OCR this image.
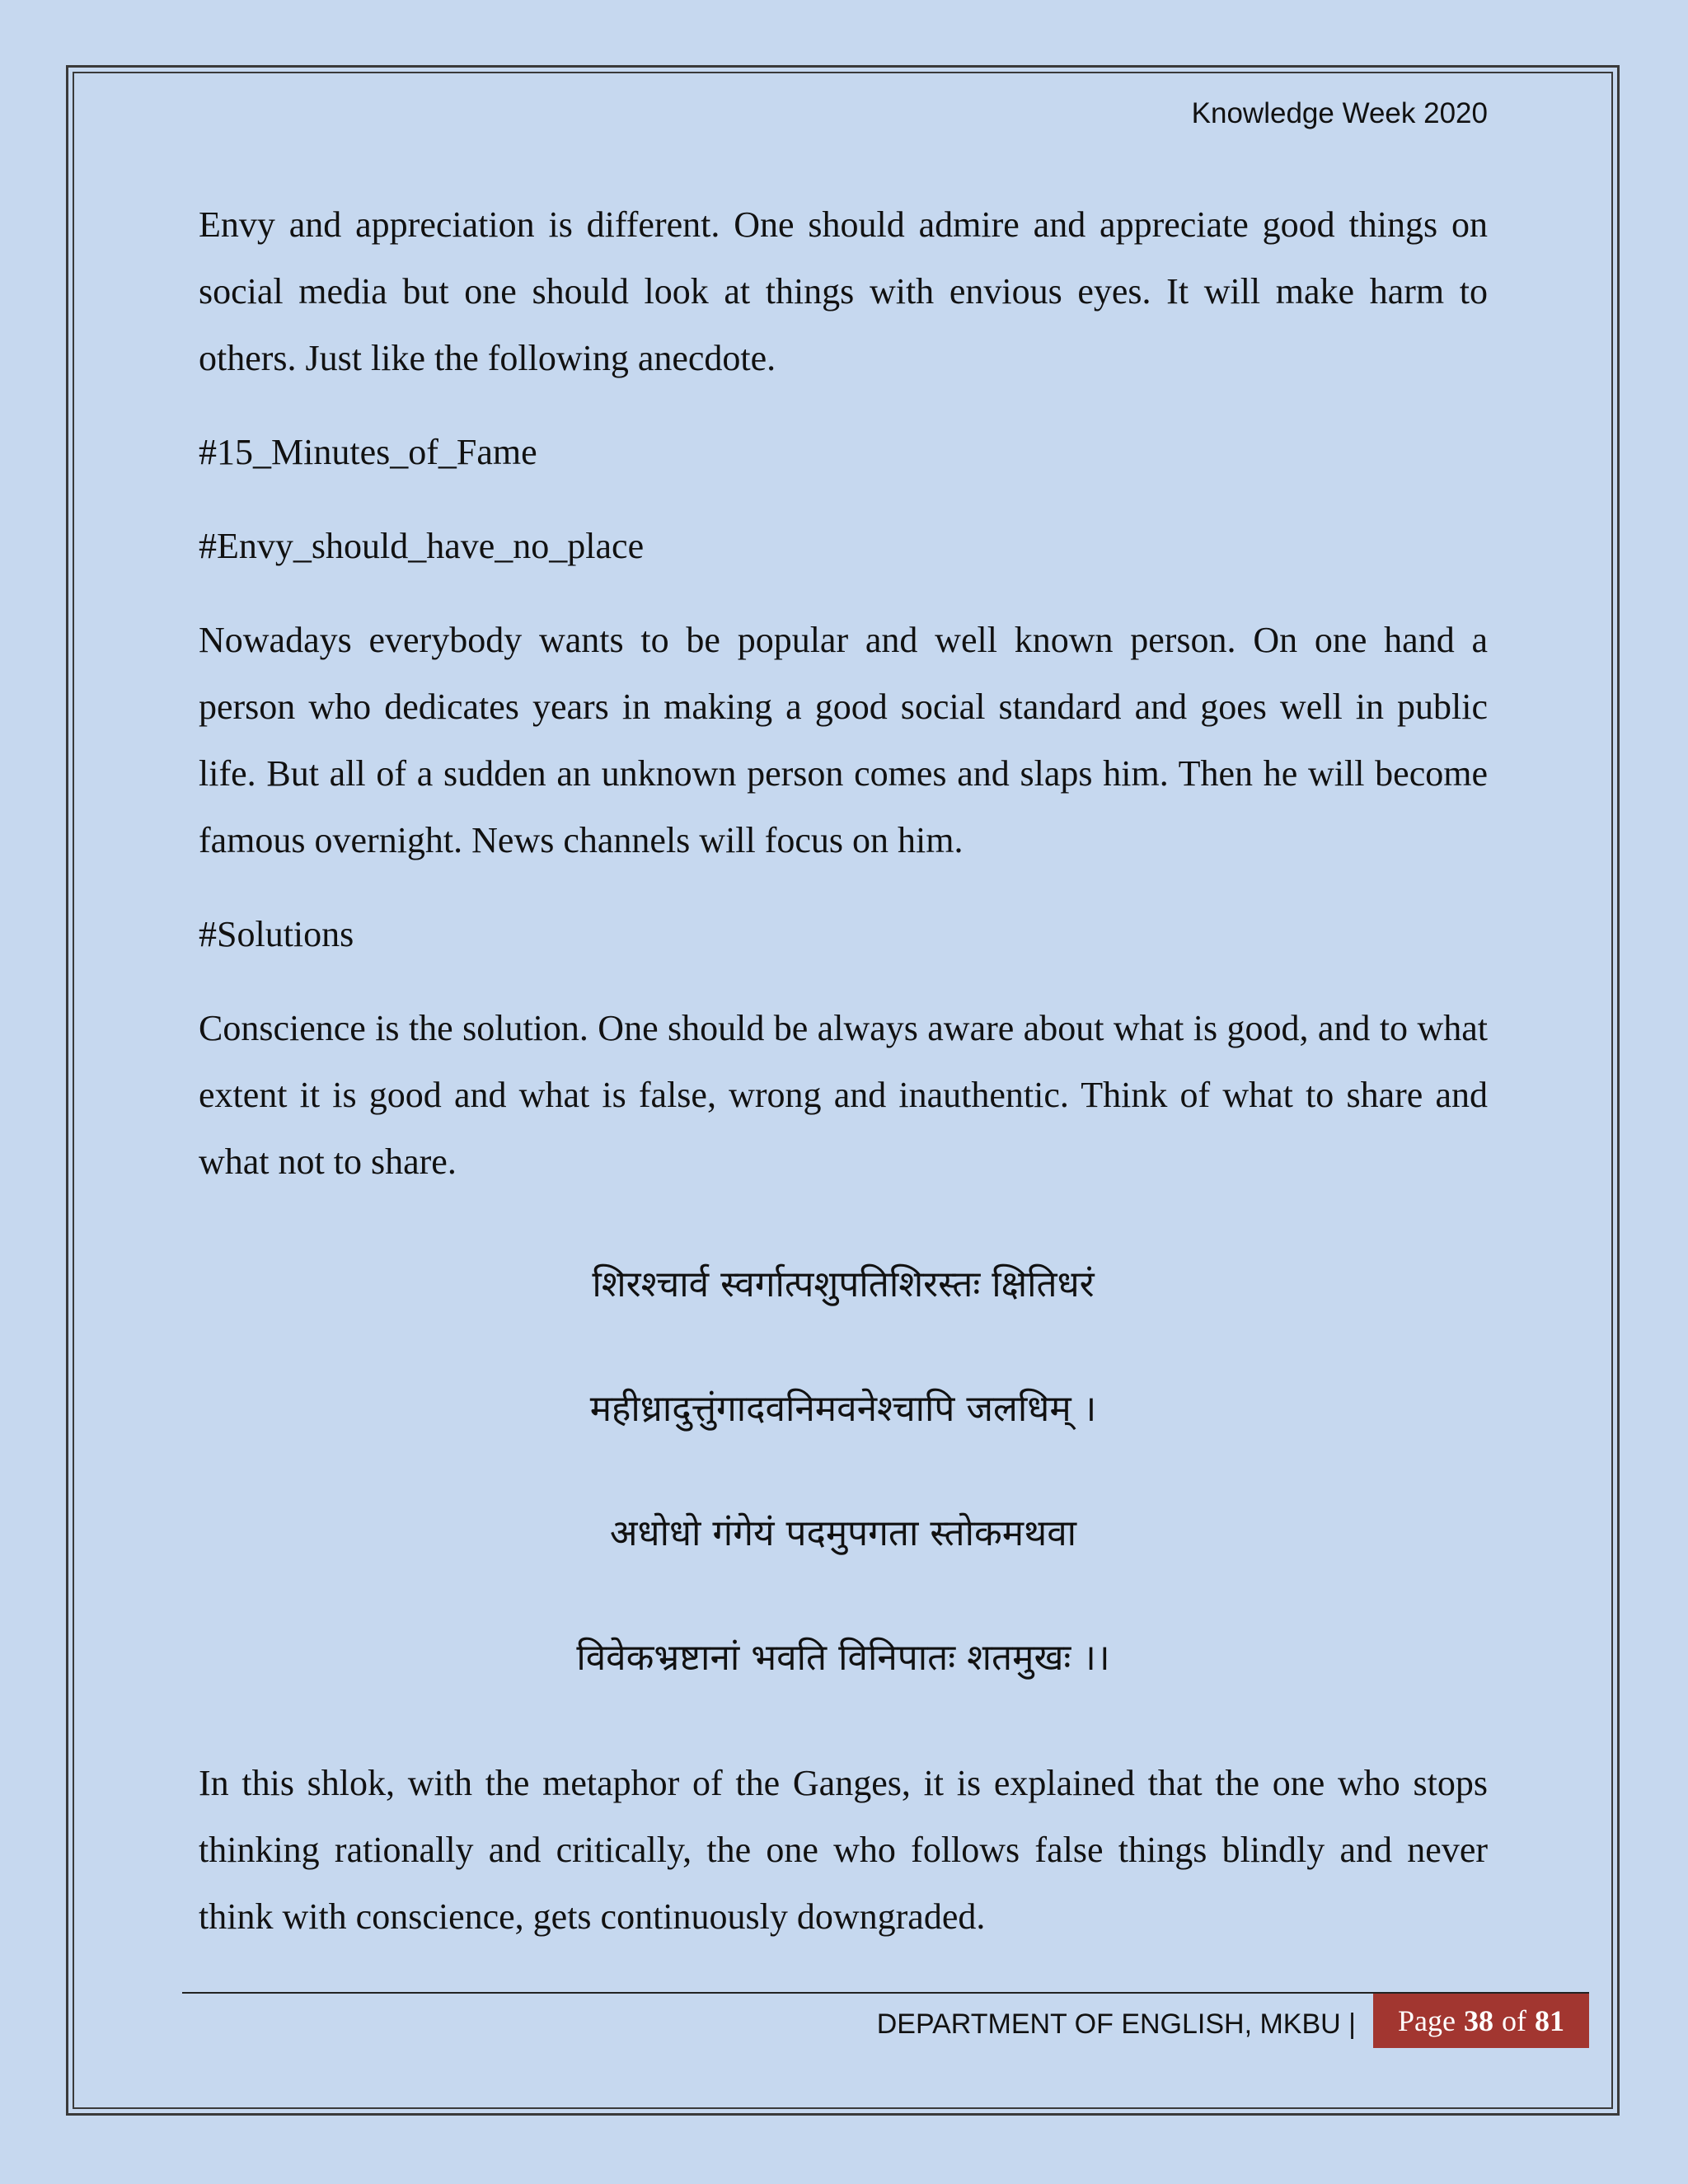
Knowledge Week 2020

Envy and appreciation is different. One should admire and appreciate good things on social media but one should look at things with envious eyes. It will make harm to others. Just like the following anecdote.

#15_Minutes_of_Fame

#Envy_should_have_no_place

Nowadays everybody wants to be popular and well known person. On one hand a person who dedicates years in making a good social standard and goes well in public life. But all of a sudden an unknown person comes and slaps him. Then he will become famous overnight. News channels will focus on him.

#Solutions

Conscience is the solution. One should be always aware about what is good, and to what extent it is good and what is false, wrong and inauthentic. Think of what to share and what not to share.

शिरश्चार्व स्वर्गात्पशुपतिशिरस्तः क्षितिधरं
महीध्रादुत्तुंगादवनिमवनेश्चापि जलधिम् ।
अधोधो गंगेयं पदमुपगता स्तोकमथवा
विवेकभ्रष्टानां भवति विनिपातः शतमुखः ।।

In this shlok, with the metaphor of the Ganges, it is explained that the one who stops thinking rationally and critically, the one who follows false things blindly and never think with conscience, gets continuously downgraded.

DEPARTMENT OF ENGLISH, MKBU | Page 38 of 81
